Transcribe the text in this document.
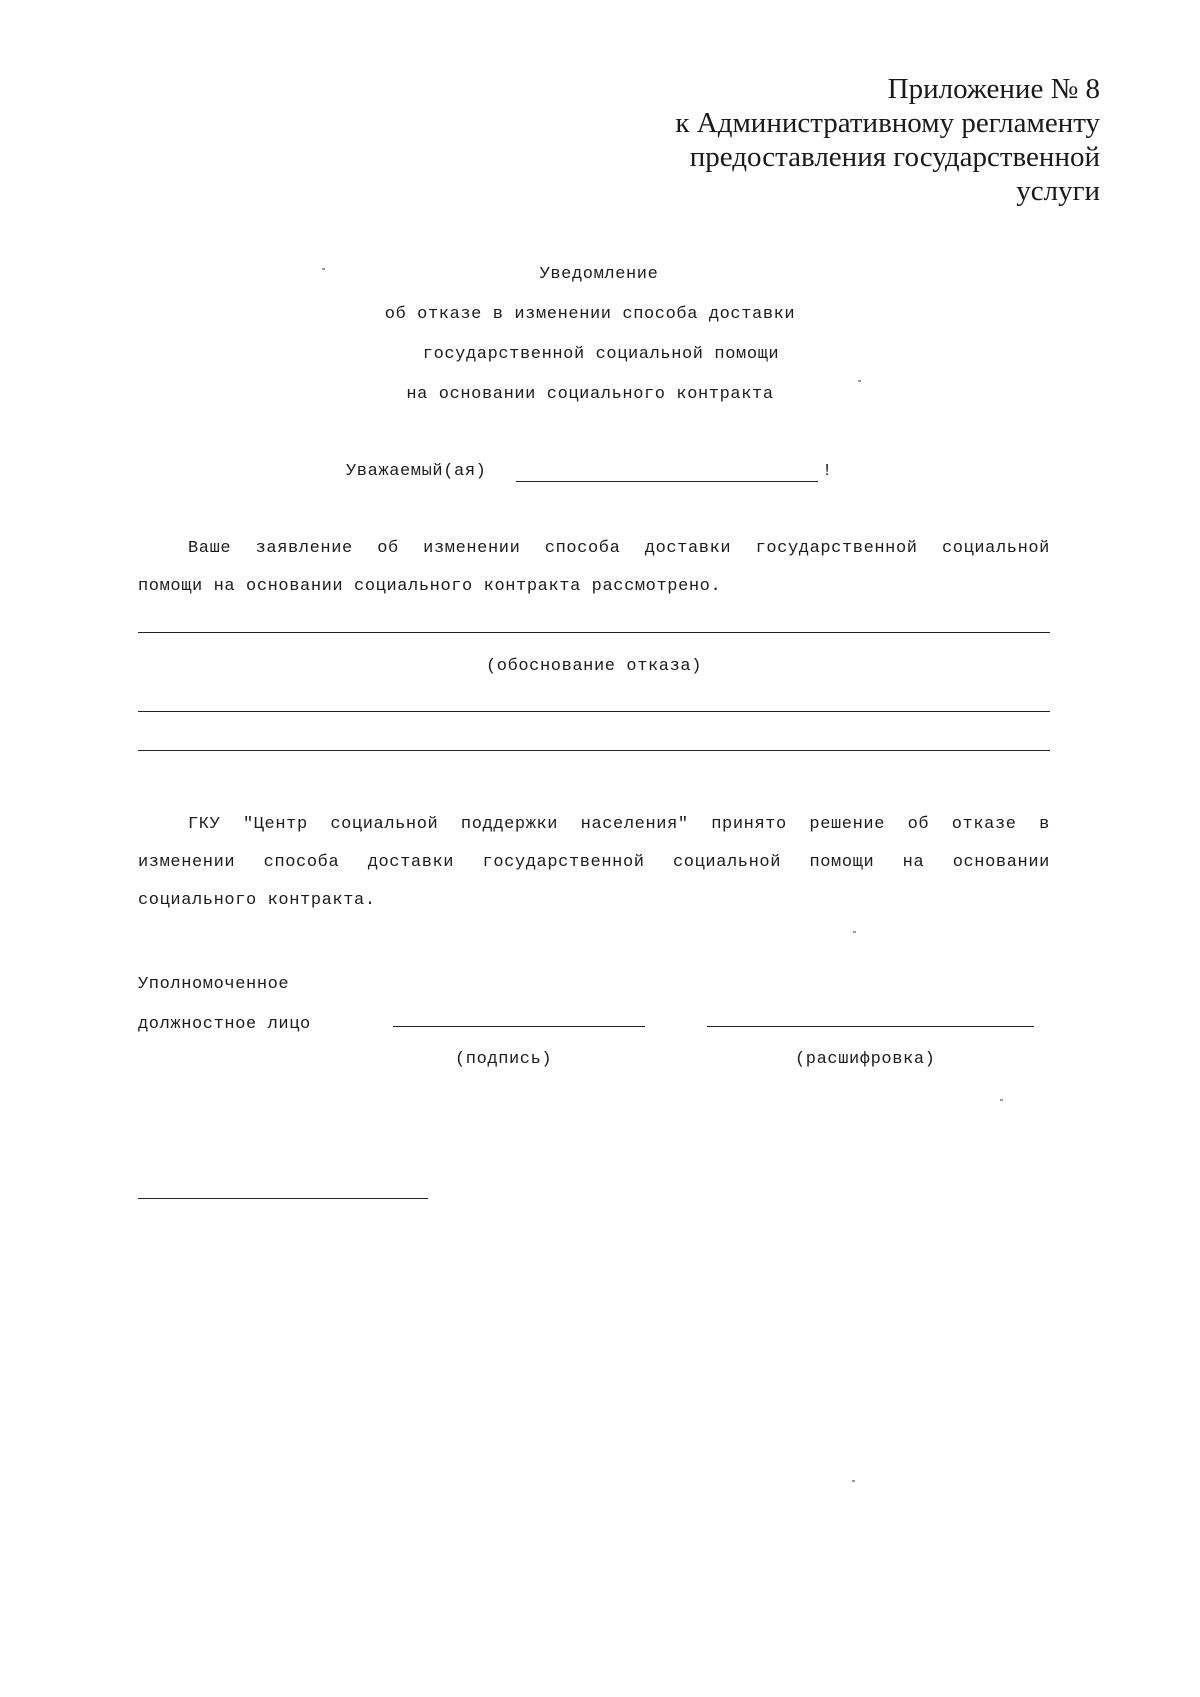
Приложение № 8
к Административному регламенту
предоставления государственной
услуги
Уведомление
об отказе в изменении способа доставки
государственной социальной помощи
на основании социального контракта
Уважаемый(ая)	!
Ваше заявление об изменении способа доставки государственной социальной
помощи на основании социального контракта рассмотрено.
(обоснование отказа)
ГКУ "Центр социальной поддержки населения" принято решение об отказе в
изменении способа доставки государственной социальной помощи на основании
социального контракта.
Уполномоченное
должностное лицо
(подпись)	(расшифровка)
